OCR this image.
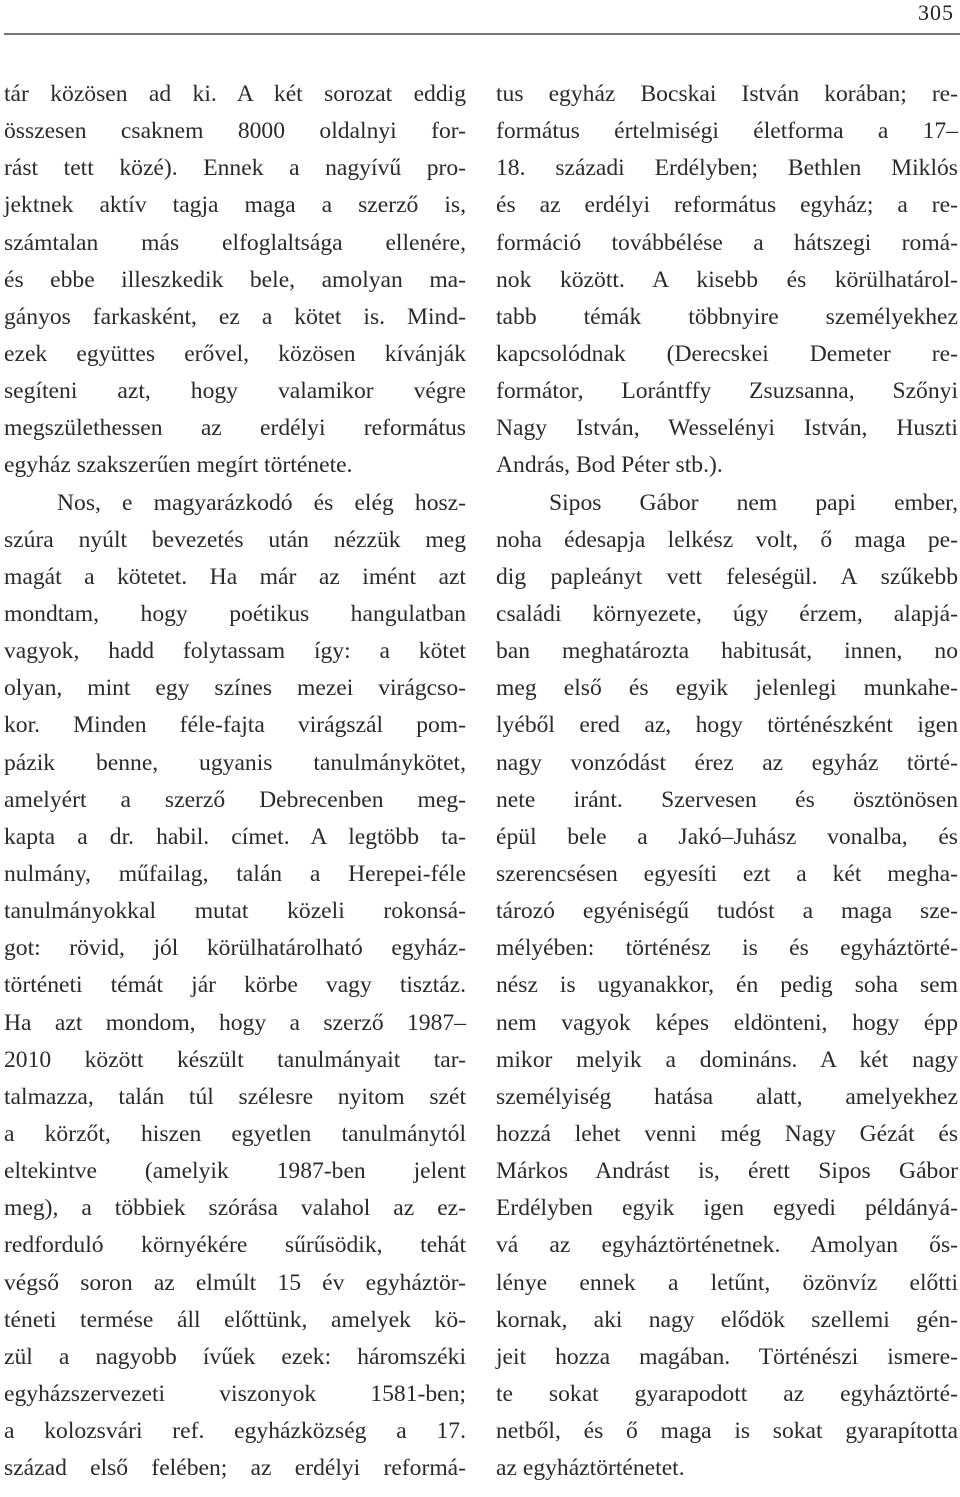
305
tár közösen ad ki. A két sorozat eddig
összesen csaknem 8000 oldalnyi for-
rást tett közé). Ennek a nagyívű pro-
jektnek aktív tagja maga a szerző is,
számtalan más elfoglaltsága ellenére,
és ebbe illeszkedik bele, amolyan ma-
gányos farkasként, ez a kötet is. Mind-
ezek együttes erővel, közösen kívánják
segíteni azt, hogy valamikor végre
megszülethessen az erdélyi református
egyház szakszerűen megírt története.
Nos, e magyarázkodó és elég hosz-
szúra nyúlt bevezetés után nézzük meg
magát a kötetet. Ha már az imént azt
mondtam, hogy poétikus hangulatban
vagyok, hadd folytassam így: a kötet
olyan, mint egy színes mezei virágcso-
kor. Minden féle-fajta virágszál pom-
pázik benne, ugyanis tanulmánykötet,
amelyért a szerző Debrecenben meg-
kapta a dr. habil. címet. A legtöbb ta-
nulmány, műfailag, talán a Herepei-féle
tanulmányokkal mutat közeli rokonsá-
got: rövid, jól körülhatárolható egyház-
történeti témát jár körbe vagy tisztáz.
Ha azt mondom, hogy a szerző 1987–
2010 között készült tanulmányait tar-
talmazza, talán túl szélesre nyitom szét
a körzőt, hiszen egyetlen tanulmánytól
eltekintve (amelyik 1987-ben jelent
meg), a többiek szórása valahol az ez-
redforduló környékére sűrűsödik, tehát
végső soron az elmúlt 15 év egyháztör-
téneti termése áll előttünk, amelyek kö-
zül a nagyobb ívűek ezek: háromszéki
egyházszervezeti viszonyok 1581-ben;
a kolozsvári ref. egyházközség a 17.
század első felében; az erdélyi reformá-
tus egyház Bocskai István korában; re-
formátus értelmiségi életforma a 17–
18. századi Erdélyben; Bethlen Miklós
és az erdélyi református egyház; a re-
formáció továbbélése a hátszegi romá-
nok között. A kisebb és körülhatárol-
tabb témák többnyire személyekhez
kapcsolódnak (Derecskei Demeter re-
formátor, Lorántffy Zsuzsanna, Szőnyi
Nagy István, Wesselényi István, Huszti
András, Bod Péter stb.).
Sipos Gábor nem papi ember,
noha édesapja lelkész volt, ő maga pe-
dig papleányt vett feleségül. A szűkebb
családi környezete, úgy érzem, alapjá-
ban meghatározta habitusát, innen, no
meg első és egyik jelenlegi munkahe-
lyéből ered az, hogy történészként igen
nagy vonzódást érez az egyház törté-
nete iránt. Szervesen és ösztönösen
épül bele a Jakó–Juhász vonalba, és
szerencsésen egyesíti ezt a két megha-
tározó egyéniségű tudóst a maga sze-
mélyében: történész is és egyháztörté-
nész is ugyanakkor, én pedig soha sem
nem vagyok képes eldönteni, hogy épp
mikor melyik a domináns. A két nagy
személyiség hatása alatt, amelyekhez
hozzá lehet venni még Nagy Gézát és
Márkos Andrást is, érett Sipos Gábor
Erdélyben egyik igen egyedi példányá-
vá az egyháztörténetnek. Amolyan ős-
lénye ennek a letűnt, özönvíz előtti
kornak, aki nagy elődök szellemi gén-
jeit hozza magában. Történészi ismere-
te sokat gyarapodott az egyháztörté-
netből, és ő maga is sokat gyarapította
az egyháztörténetet.
